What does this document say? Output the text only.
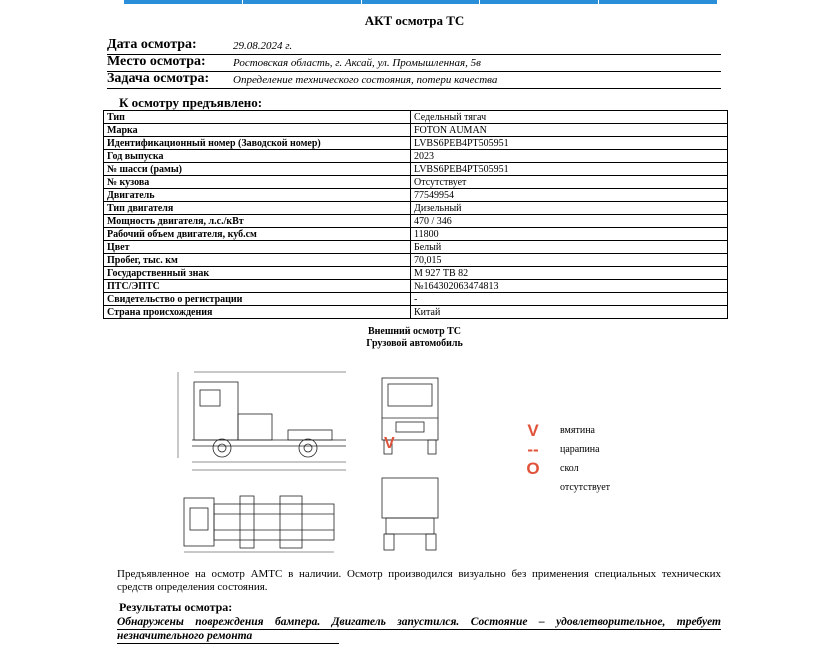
АКТ осмотра ТС
Дата осмотра:	29.08.2024 г.
Место осмотра: Ростовская область, г. Аксай, ул. Промышленная, 5в
Задача осмотра: Определение технического состояния, потери качества
К осмотру предъявлено:
Тип	Седельный тягач
Марка	FOTON AUMAN
Идентификационный номер (Заводской номер)	LVBS6PEB4PT505951
Год выпуска	2023
№ шасси (рамы)	LVBS6PEB4PT505951
№ кузова	Отсутствует
Двигатель	77549954
Тип двигателя	Дизельный
Мощность двигателя, л.с./кВт	470 / 346
Рабочий объем двигателя, куб.см	11800
Цвет	Белый
Пробег, тыс. км	70,015
Государственный знак	М 927 ТВ 82
ПТС/ЭПТС	№164302063474813
Свидетельство о регистрации	-
Страна происхождения	Китай
Внешний осмотр ТС
Грузовой автомобиль
V
V	вмятина
--	царапина
O	скол
отсутствует
Предъявленное на осмотр АМТС в наличии. Осмотр производился визуально без применения специальных технических средств определения состояния.
Результаты осмотра:
Обнаружены повреждения бампера. Двигатель запустился. Состояние – удовлетворительное, требует незначительного ремонта
